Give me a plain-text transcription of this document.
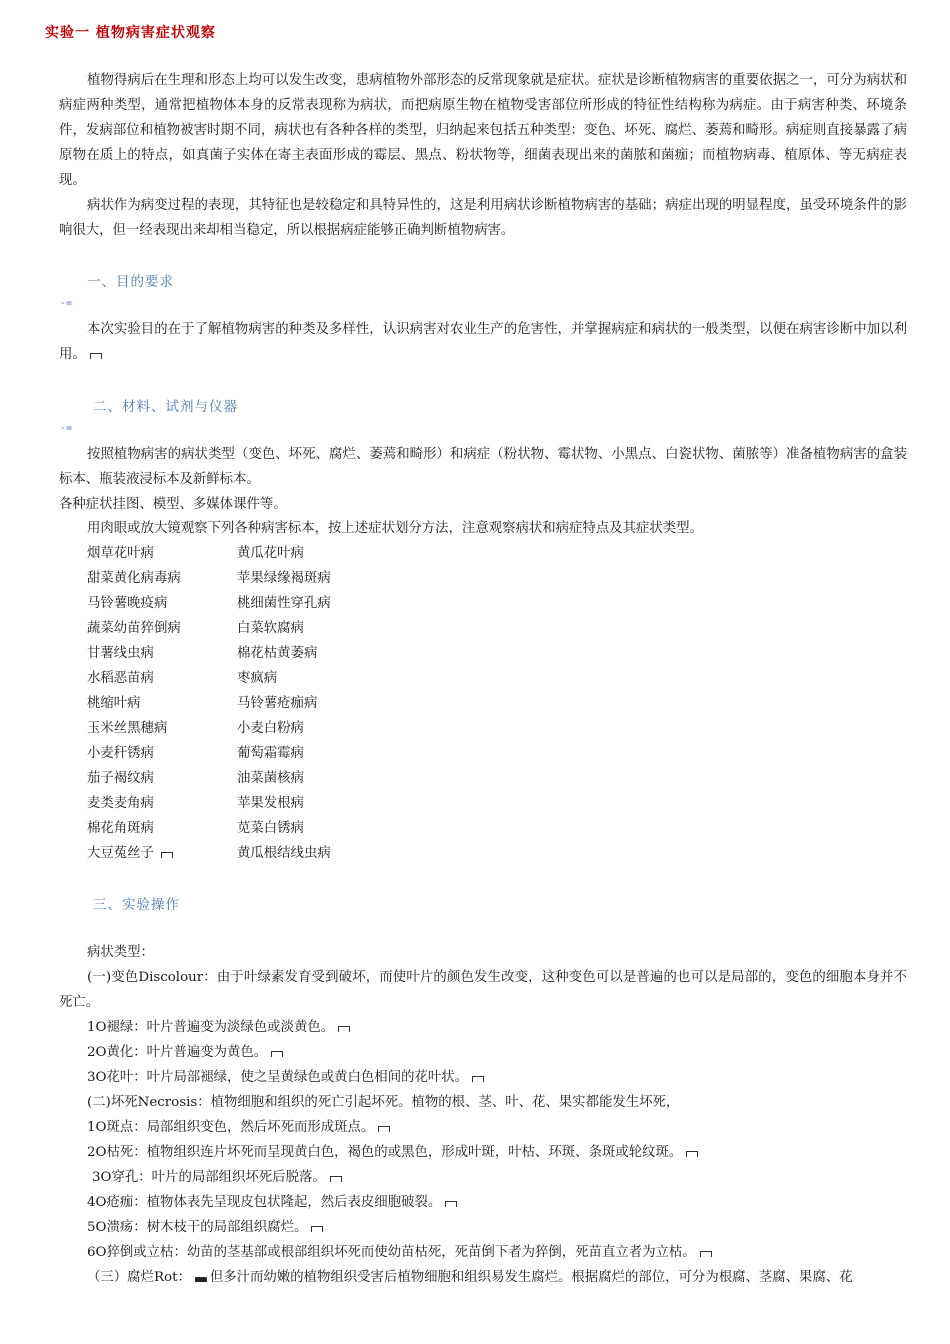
实验一 植物病害症状观察

植物得病后在生理和形态上均可以发生改变，患病植物外部形态的反常现象就是症状。症状是诊断植物病害的重要依据之一，可分为病状和病症两种类型，通常把植物体本身的反常表现称为病状，而把病原生物在植物受害部位所形成的特征性结构称为病症。由于病害种类、环境条件，发病部位和植物被害时期不同，病状也有各种各样的类型，归纳起来包括五种类型：变色、坏死、腐烂、萎蔫和畸形。病症则直接暴露了病原物在质上的特点，如真菌子实体在寄主表面形成的霉层、黑点、粉状物等，细菌表现出来的菌脓和菌痂；而植物病毒、植原体、等无病症表现。

病状作为病变过程的表现，其特征也是较稳定和具特异性的，这是利用病状诊断植物病害的基础；病症出现的明显程度，虽受环境条件的影响很大，但一经表现出来却相当稳定，所以根据病症能够正确判断植物病害。

一、目的要求
-=

本次实验目的在于了解植物病害的种类及多样性，认识病害对农业生产的危害性，并掌握病症和病状的一般类型，以便在病害诊断中加以利用。

二、材料、试剂与仪器
-=

按照植物病害的病状类型（变色、坏死、腐烂、萎蔫和畸形）和病症（粉状物、霉状物、小黑点、白瓷状物、菌脓等）准备植物病害的盒装标本、瓶装液浸标本及新鲜标本。

各种症状挂图、模型、多媒体课件等。

用肉眼或放大镜观察下列各种病害标本，按上述症状划分方法，注意观察病状和病症特点及其症状类型。

烟草花叶病	黄瓜花叶病
甜菜黄化病毒病	苹果绿缘褐斑病
马铃薯晚疫病	桃细菌性穿孔病
蔬菜幼苗猝倒病	白菜软腐病
甘薯线虫病	棉花枯黄萎病
水稻恶苗病	枣疯病
桃缩叶病	马铃薯疮痂病
玉米丝黑穗病	小麦白粉病
小麦秆锈病	葡萄霜霉病
茄子褐纹病	油菜菌核病
麦类麦角病	苹果发根病
棉花角斑病	苋菜白锈病
大豆菟丝子	黄瓜根结线虫病
三、实验操作
病状类型：

(一)变色Discolour：由于叶绿素发育受到破坏，而使叶片的颜色发生改变，这种变色可以是普遍的也可以是局部的，变色的细胞本身并不死亡。

1O褪绿：叶片普遍变为淡绿色或淡黄色。
2O黄化：叶片普遍变为黄色。
3O花叶：叶片局部褪绿，使之呈黄绿色或黄白色相间的花叶状。
(二)坏死Necrosis：植物细胞和组织的死亡引起坏死。植物的根、茎、叶、花、果实都能发生坏死，
1O斑点：局部组织变色，然后坏死而形成斑点。
2O枯死：植物组织连片坏死而呈现黄白色，褐色的或黑色，形成叶斑，叶枯、环斑、条斑或轮纹斑。
3O穿孔：叶片的局部组织坏死后脱落。
4O疮痂：植物体表先呈现皮包状隆起，然后表皮细胞破裂。
5O溃疡：树木枝干的局部组织腐烂。
6O猝倒或立枯：幼苗的茎基部或根部组织坏死而使幼苗枯死，死苗倒下者为猝倒，死苗直立者为立枯。
（三）腐烂Rot： 但多汁而幼嫩的植物组织受害后植物细胞和组织易发生腐烂。根据腐烂的部位，可分为根腐、茎腐、果腐、花
